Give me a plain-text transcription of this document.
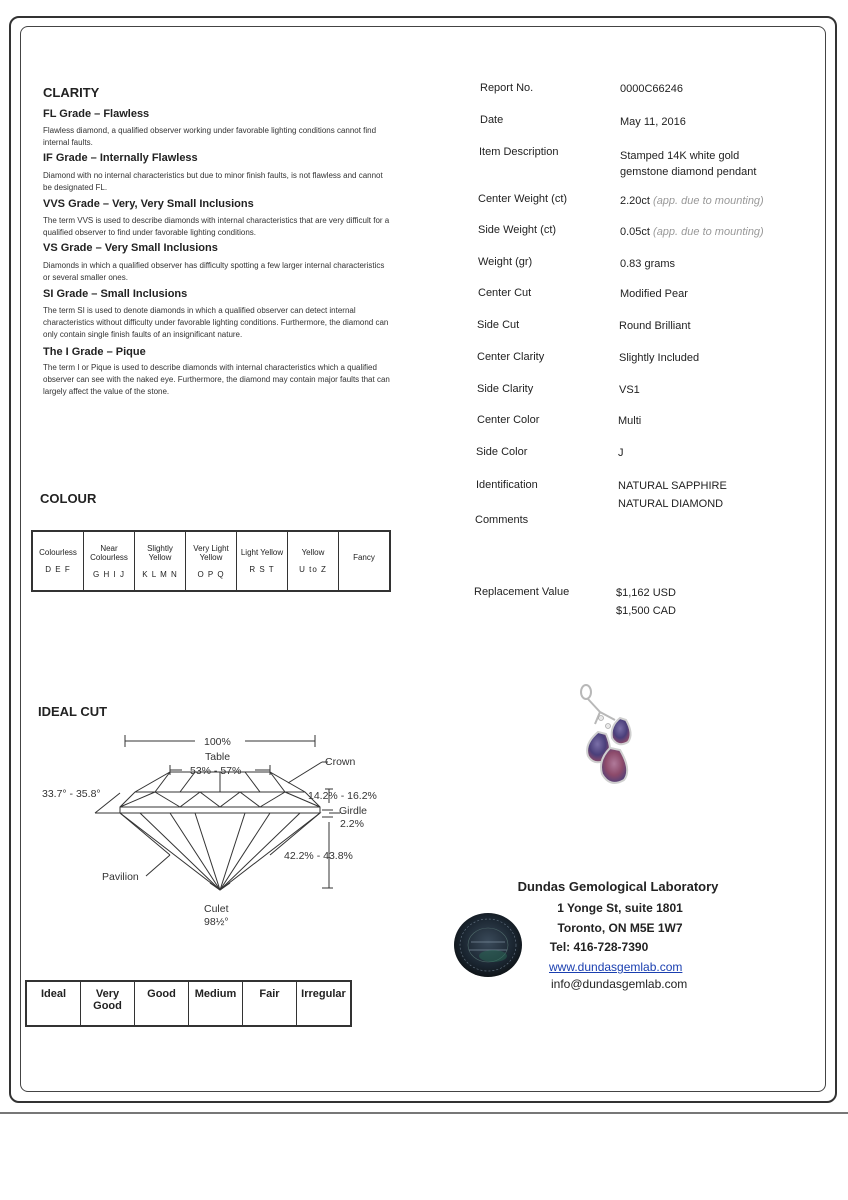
CLARITY
FL Grade – Flawless
Flawless diamond, a qualified observer working under favorable lighting conditions cannot find internal faults.
IF Grade – Internally Flawless
Diamond with no internal characteristics but due to minor finish faults, is not flawless and cannot be designated FL.
VVS Grade – Very, Very Small Inclusions
The term VVS is used to describe diamonds with internal characteristics that are very difficult for a qualified observer to find under favorable lighting conditions.
VS Grade – Very Small Inclusions
Diamonds in which a qualified observer has difficulty spotting a few larger internal characteristics or several smaller ones.
SI Grade – Small Inclusions
The term SI is used to denote diamonds in which a qualified observer can detect internal characteristics without difficulty under favorable lighting conditions. Furthermore, the diamond can only contain single finish faults of an insignificant nature.
The I Grade – Pique
The term I or Pique is used to describe diamonds with internal characteristics which a qualified observer can see with the naked eye. Furthermore, the diamond may contain major faults that can largely affect the value of the stone.
COLOUR
Colourless
D E F
	Near Colourless
G H I J
	Slightly Yellow
K L M N
	Very Light Yellow
O P Q
	Light Yellow
R S T
	Yellow
U to Z
	Fancy
IDEAL CUT
100%
Table
53% - 57%
Crown
33.7° - 35.8°	14.2% - 16.2%
Girdle
2.2%
42.2% - 43.8%
Pavilion
Culet
98½°
Ideal	Very Good	Good	Medium	Fair	Irregular
Report No.	0000C66246
Date	May 11, 2016
Item Description	Stamped 14K white gold gemstone diamond pendant
Center Weight (ct)	2.20ct (app. due to mounting)
Side Weight (ct)	0.05ct (app. due to mounting)
Weight (gr)	0.83 grams
Center Cut	Modified Pear
Side Cut	Round Brilliant
Center Clarity	Slightly Included
Side Clarity	VS1
Center Color	Multi
Side Color	J
Identification	NATURAL SAPPHIRE
NATURAL DIAMOND
Comments
Replacement Value	$1,162 USD
$1,500 CAD
Dundas Gemological Laboratory
1 Yonge St, suite 1801
Toronto, ON M5E 1W7
Tel: 416-728-7390
www.dundasgemlab.com
info@dundasgemlab.com
